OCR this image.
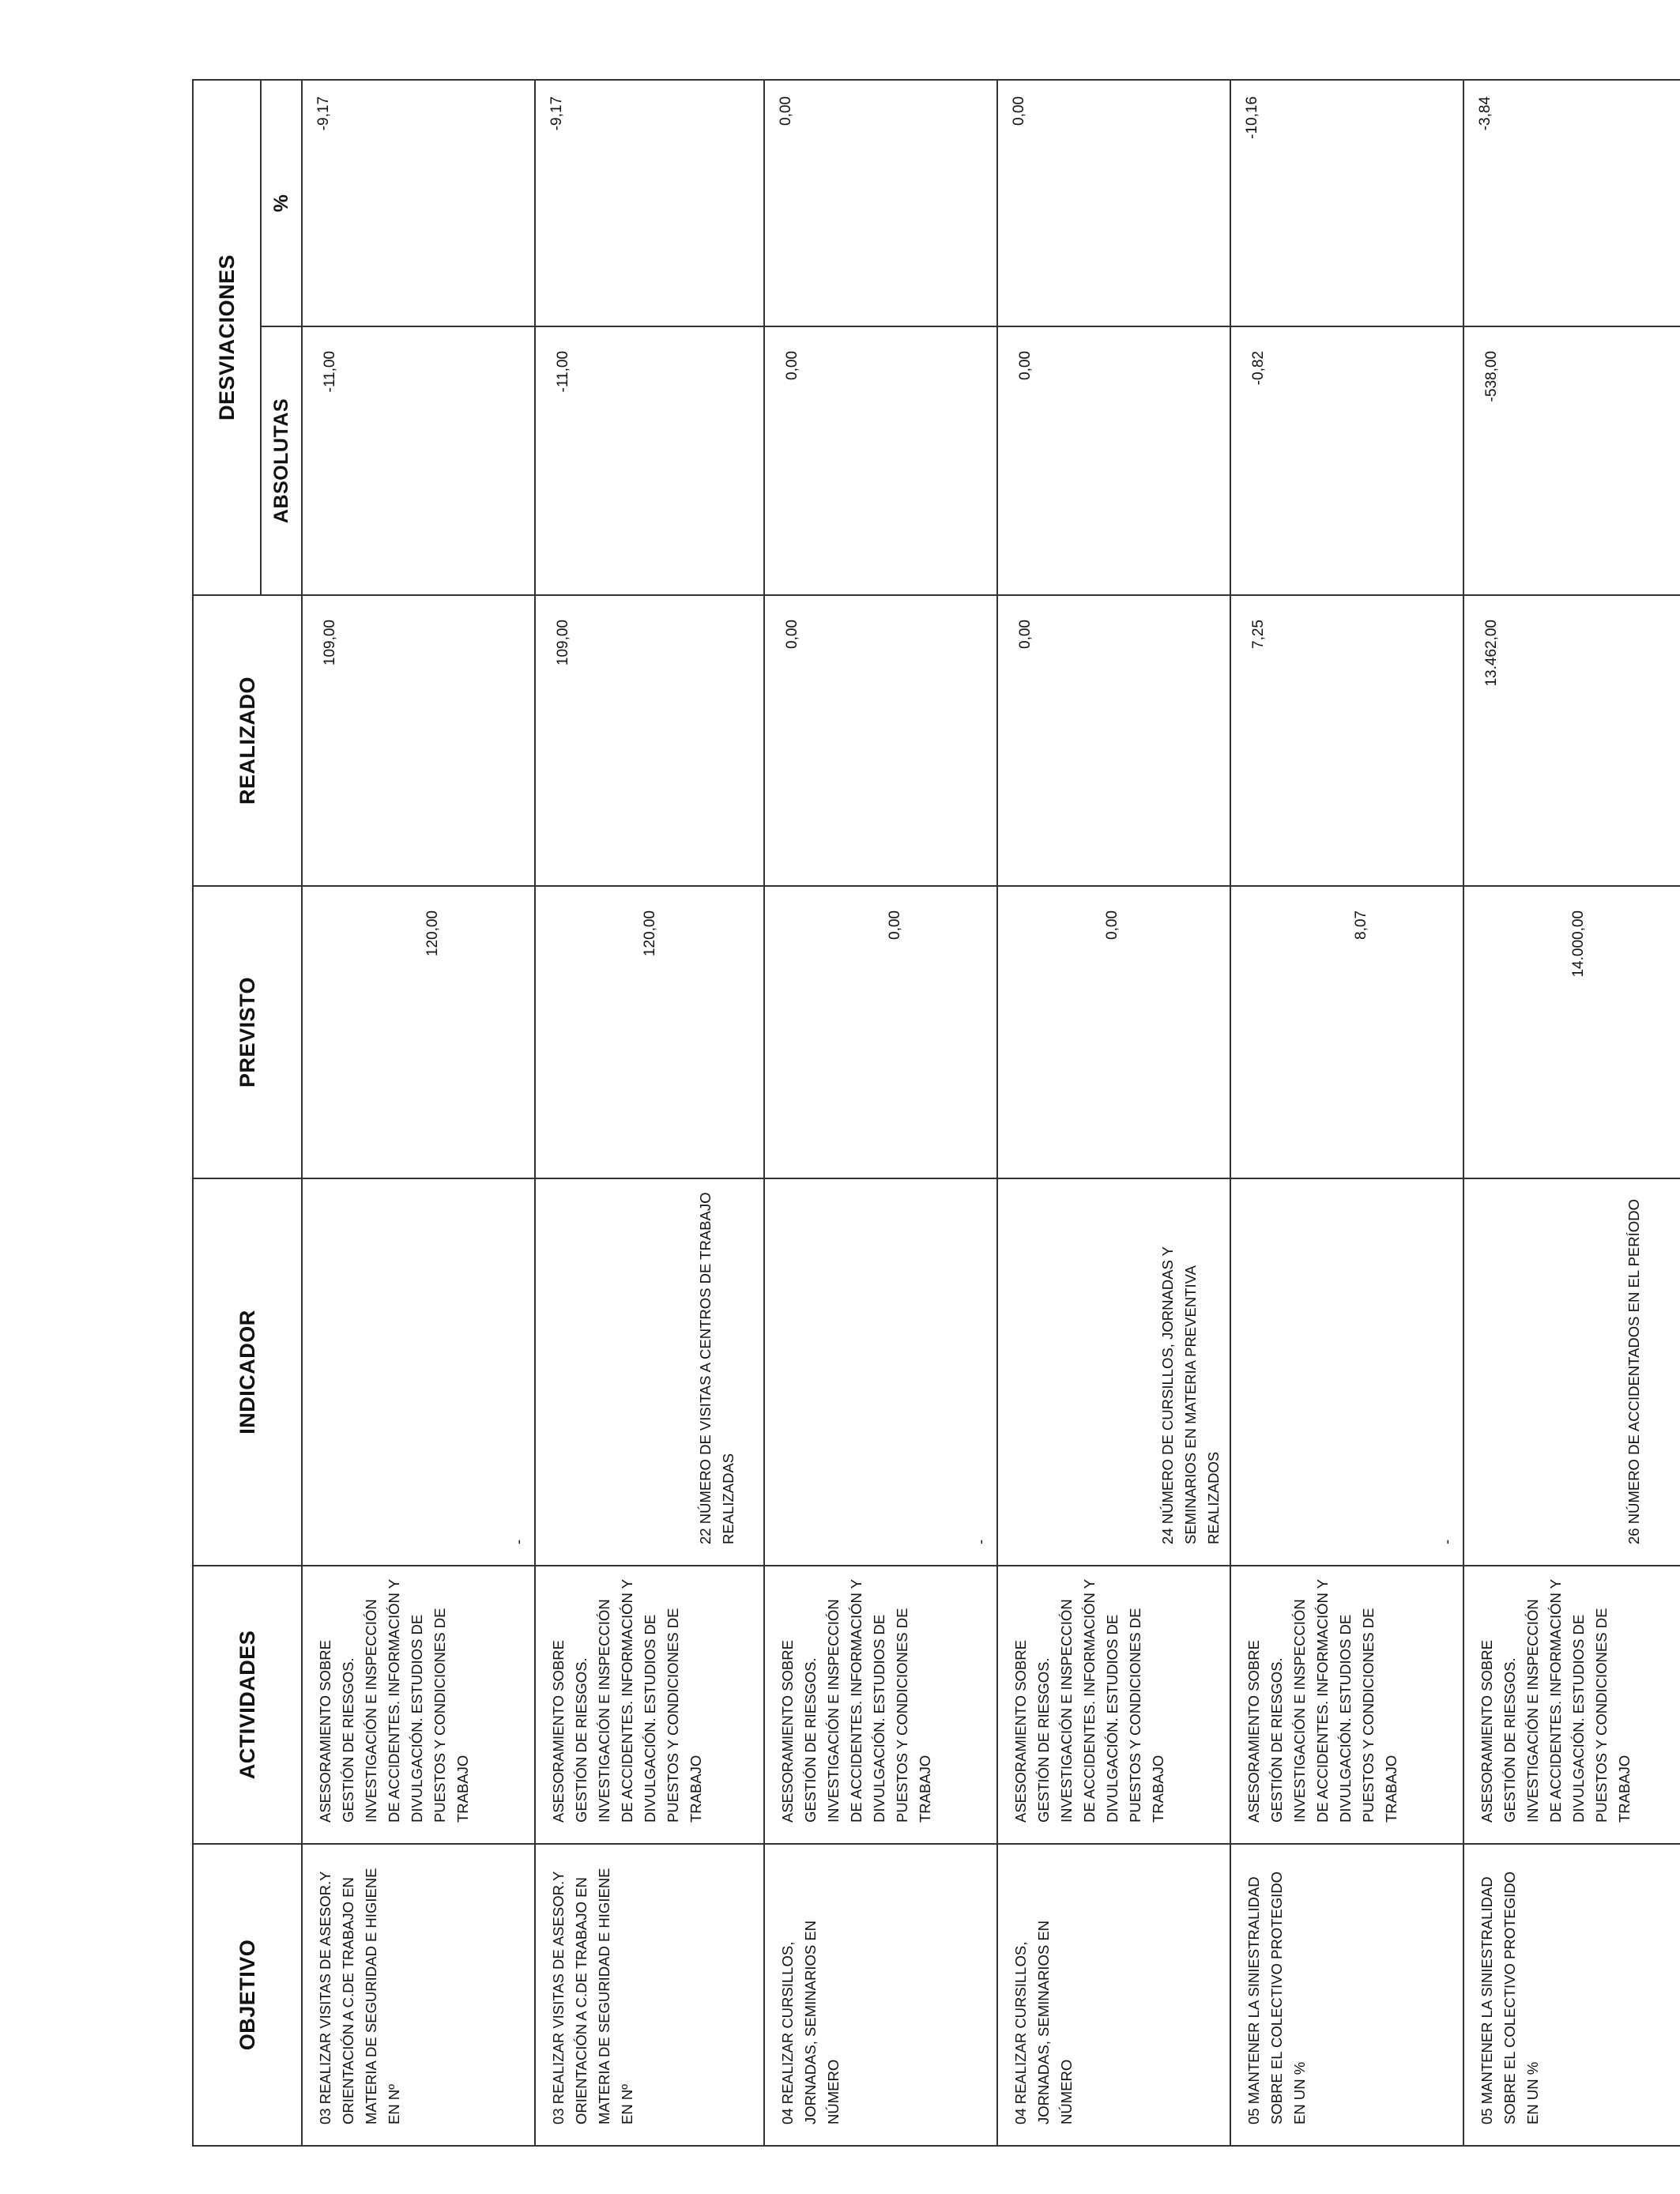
OBJETIVO	ACTIVIDADES	INDICADOR	PREVISTO	REALIZADO	DESVIACIONES	
					ABSOLUTAS	%
03 REALIZAR VISITAS DE ASESOR.Y ORIENTACIÓN A C.DE TRABAJO EN MATERIA DE SEGURIDAD E HIGIENE EN Nº	ASESORAMIENTO SOBRE GESTIÓN DE RIESGOS. INVESTIGACIÓN E INSPECCIÓN DE ACCIDENTES. INFORMACIÓN Y DIVULGACIÓN. ESTUDIOS DE PUESTOS Y CONDICIONES DE TRABAJO	-	120,00	109,00	-11,00	-9,17
03 REALIZAR VISITAS DE ASESOR.Y ORIENTACIÓN A C.DE TRABAJO EN MATERIA DE SEGURIDAD E HIGIENE EN Nº	ASESORAMIENTO SOBRE GESTIÓN DE RIESGOS. INVESTIGACIÓN E INSPECCIÓN DE ACCIDENTES. INFORMACIÓN Y DIVULGACIÓN. ESTUDIOS DE PUESTOS Y CONDICIONES DE TRABAJO	22 NÚMERO DE VISITAS A CENTROS DE TRABAJO REALIZADAS	120,00	109,00	-11,00	-9,17
04 REALIZAR CURSILLOS, JORNADAS, SEMINARIOS EN NÚMERO	ASESORAMIENTO SOBRE GESTIÓN DE RIESGOS. INVESTIGACIÓN E INSPECCIÓN DE ACCIDENTES. INFORMACIÓN Y DIVULGACIÓN. ESTUDIOS DE PUESTOS Y CONDICIONES DE TRABAJO	-	0,00	0,00	0,00	0,00
04 REALIZAR CURSILLOS, JORNADAS, SEMINARIOS EN NÚMERO	ASESORAMIENTO SOBRE GESTIÓN DE RIESGOS. INVESTIGACIÓN E INSPECCIÓN DE ACCIDENTES. INFORMACIÓN Y DIVULGACIÓN. ESTUDIOS DE PUESTOS Y CONDICIONES DE TRABAJO	24 NÚMERO DE CURSILLOS, JORNADAS Y SEMINARIOS EN MATERIA PREVENTIVA REALIZADOS	0,00	0,00	0,00	0,00
05 MANTENER LA SINIESTRALIDAD SOBRE EL COLECTIVO PROTEGIDO EN UN %	ASESORAMIENTO SOBRE GESTIÓN DE RIESGOS. INVESTIGACIÓN E INSPECCIÓN DE ACCIDENTES. INFORMACIÓN Y DIVULGACIÓN. ESTUDIOS DE PUESTOS Y CONDICIONES DE TRABAJO	-	8,07	7,25	-0,82	-10,16
05 MANTENER LA SINIESTRALIDAD SOBRE EL COLECTIVO PROTEGIDO EN UN %	ASESORAMIENTO SOBRE GESTIÓN DE RIESGOS. INVESTIGACIÓN E INSPECCIÓN DE ACCIDENTES. INFORMACIÓN Y DIVULGACIÓN. ESTUDIOS DE PUESTOS Y CONDICIONES DE TRABAJO	26 NÚMERO DE ACCIDENTADOS EN EL PERÍODO	14.000,00	13.462,00	-538,00	-3,84
